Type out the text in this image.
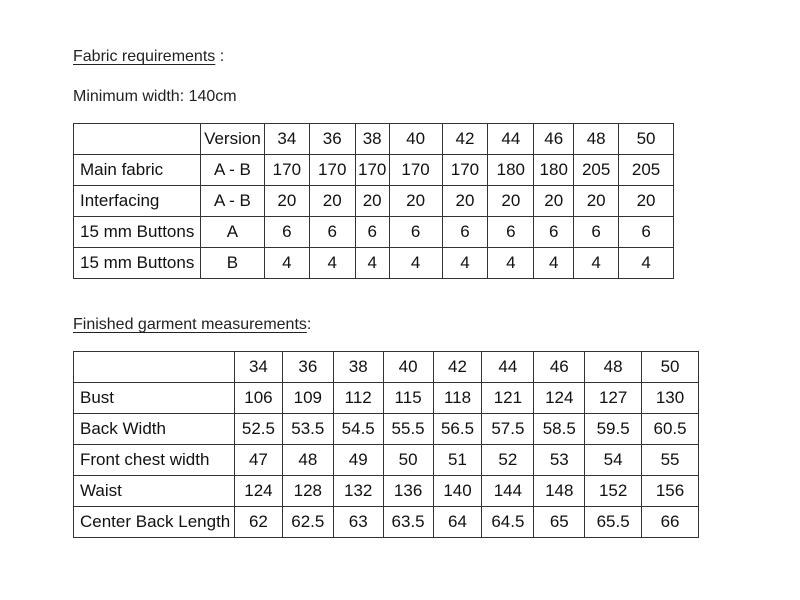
Fabric requirements :
Minimum width: 140cm
	Version	34	36	38	40	42	44	46	48	50
Main fabric	A - B	170	170	170	170	170	180	180	205	205
Interfacing	A - B	20	20	20	20	20	20	20	20	20
15 mm Buttons	A	6	6	6	6	6	6	6	6	6
15 mm Buttons	B	4	4	4	4	4	4	4	4	4
Finished garment measurements:
	34	36	38	40	42	44	46	48	50
Bust	106	109	112	115	118	121	124	127	130
Back Width	52.5	53.5	54.5	55.5	56.5	57.5	58.5	59.5	60.5
Front chest width	47	48	49	50	51	52	53	54	55
Waist	124	128	132	136	140	144	148	152	156
Center Back Length	62	62.5	63	63.5	64	64.5	65	65.5	66
